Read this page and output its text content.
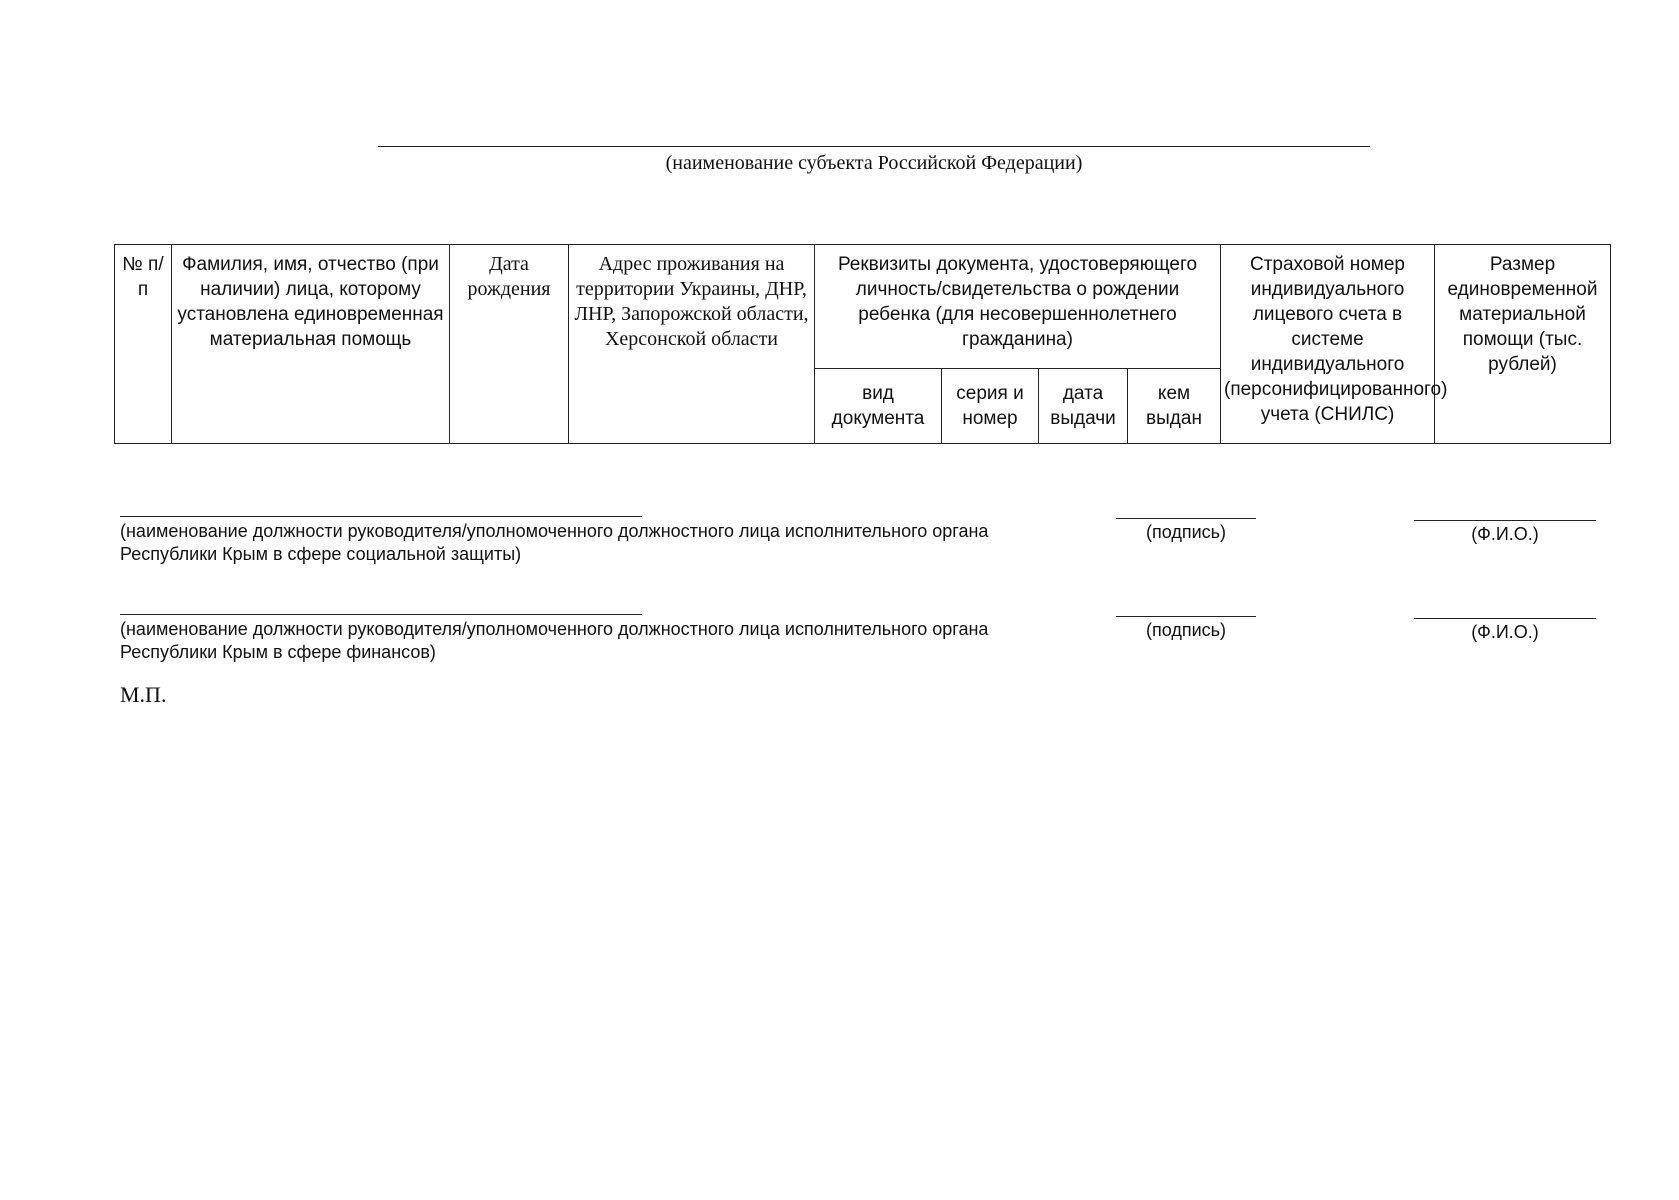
(наименование субъекта Российской Федерации)
№ п/п	Фамилия, имя, отчество (при наличии) лица, которому установлена единовременная материальная помощь	Дата рождения	Адрес проживания на территории Украины, ДНР, ЛНР, Запорожской области, Херсонской области	Реквизиты документа, удостоверяющего личность/свидетельства о рождении ребенка (для несовершеннолетнего гражданина)				Страховой номер индивидуального лицевого счета в системе индивидуального (персонифицированного) учета (СНИЛС)	Размер единовременной материальной помощи (тыс. рублей)
				вид документа	серия и номер	дата выдачи	кем выдан		
(наименование должности руководителя/уполномоченного должностного лица исполнительного органа Республики Крым в сфере социальной защиты)
(подпись)	(Ф.И.О.)
(наименование должности руководителя/уполномоченного должностного лица исполнительного органа Республики Крым в сфере финансов)
(подпись)	(Ф.И.О.)
М.П.
